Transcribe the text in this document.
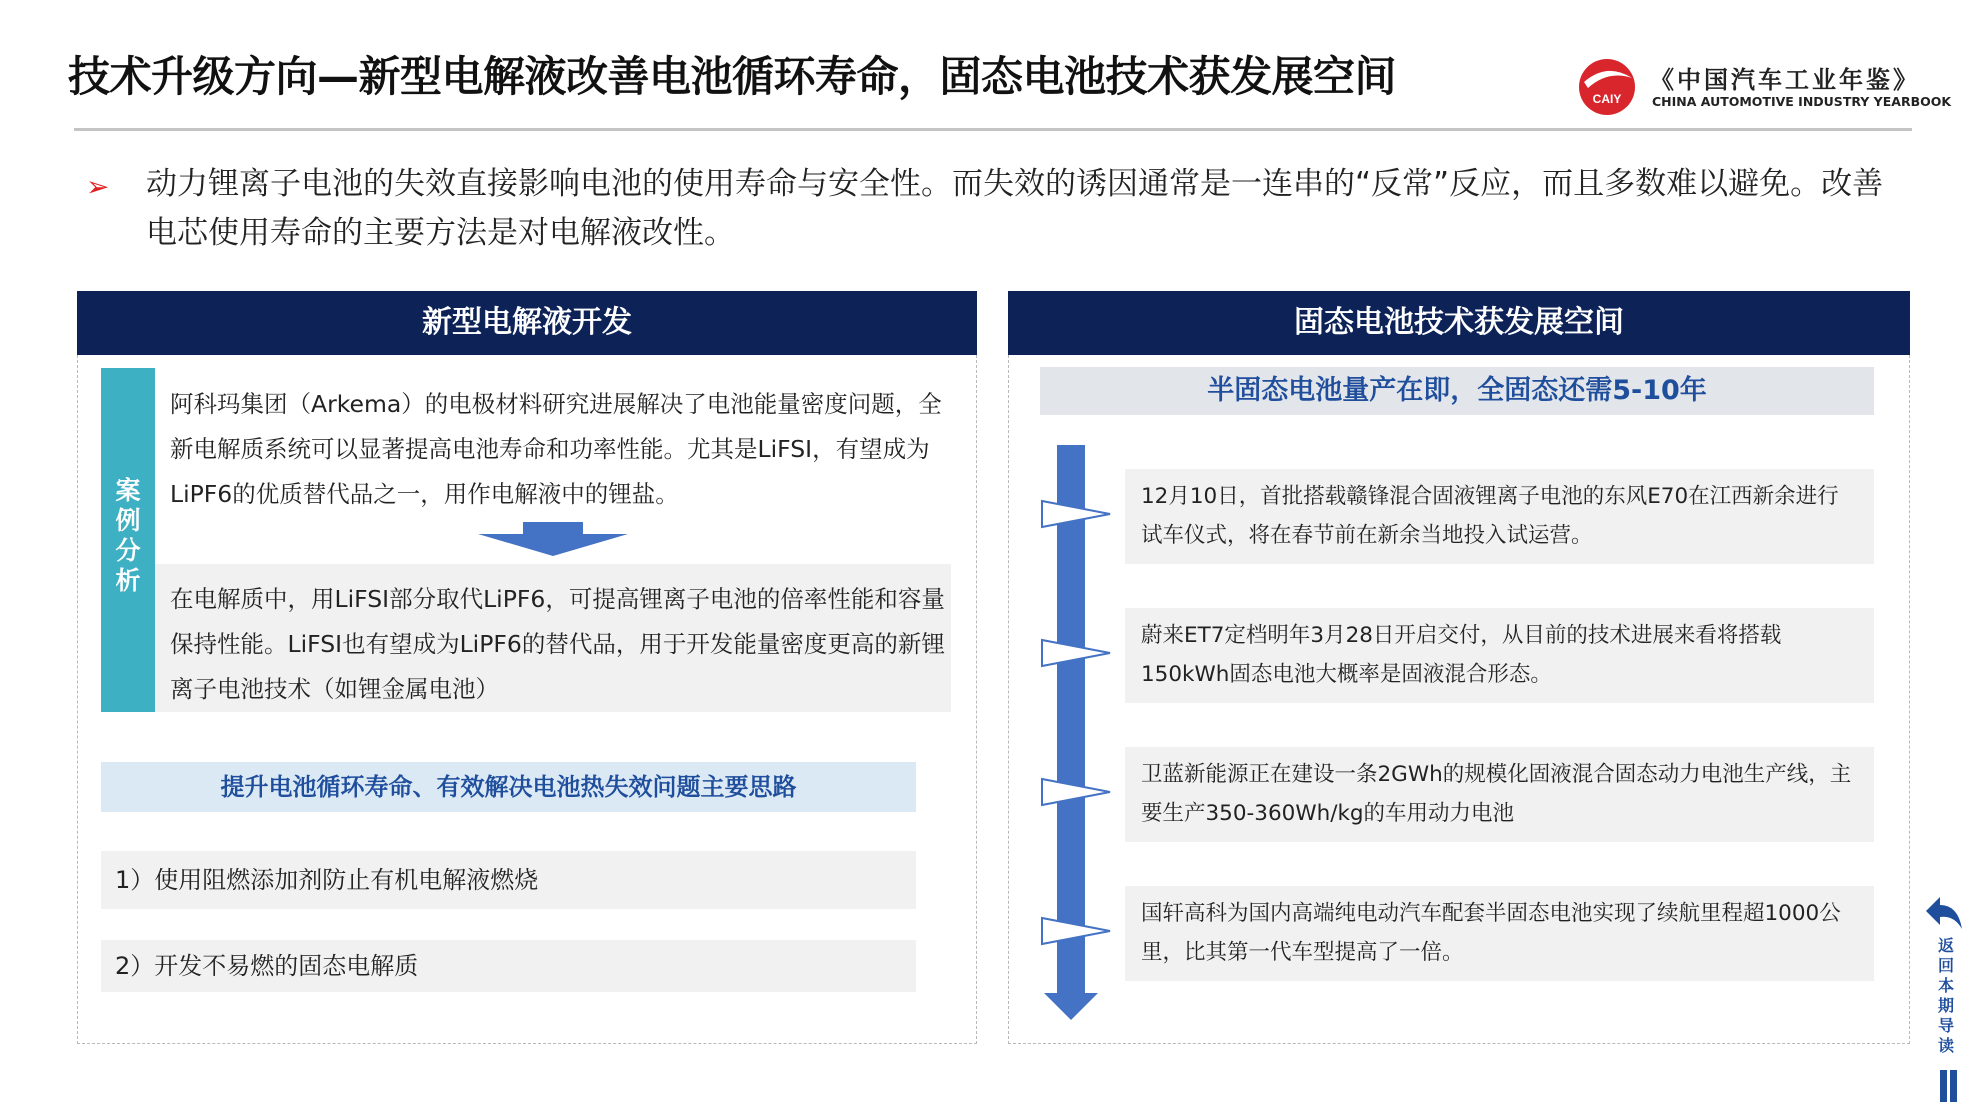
技术升级方向—新型电解液改善电池循环寿命，固态电池技术获发展空间	CAIY
《中国汽车工业年鉴》
CHINA AUTOMOTIVE INDUSTRY YEARBOOK
➢ 动力锂离子电池的失效直接影响电池的使用寿命与安全性。而失效的诱因通常是一连串的“反常”反应，而且多数难以避免。改善电芯使用寿命的主要方法是对电解液改性。
新型电解液开发
案例分析
阿科玛集团（Arkema）的电极材料研究进展解决了电池能量密度问题，全新电解质系统可以显著提高电池寿命和功率性能。尤其是LiFSI，有望成为LiPF6的优质替代品之一，用作电解液中的锂盐。
在电解质中，用LiFSI部分取代LiPF6，可提高锂离子电池的倍率性能和容量保持性能。LiFSI也有望成为LiPF6的替代品，用于开发能量密度更高的新锂离子电池技术（如锂金属电池）
提升电池循环寿命、有效解决电池热失效问题主要思路
1）使用阻燃添加剂防止有机电解液燃烧
2）开发不易燃的固态电解质
固态电池技术获发展空间
半固态电池量产在即，全固态还需5-10年
12月10日，首批搭载赣锋混合固液锂离子电池的东风E70在江西新余进行试车仪式，将在春节前在新余当地投入试运营。
蔚来ET7定档明年3月28日开启交付，从目前的技术进展来看将搭载150kWh固态电池大概率是固液混合形态。
卫蓝新能源正在建设一条2GWh的规模化固液混合固态动力电池生产线，主要生产350-360Wh/kg的车用动力电池
国轩高科为国内高端纯电动汽车配套半固态电池实现了续航里程超1000公里，比其第一代车型提高了一倍。	返回本期导读
